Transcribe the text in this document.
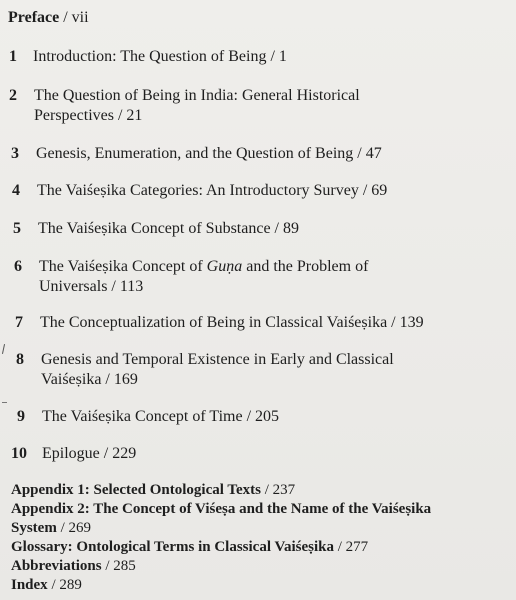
Preface / vii
1 Introduction: The Question of Being / 1
2 The Question of Being in India: General Historical
Perspectives / 21
3 Genesis, Enumeration, and the Question of Being / 47
4 The Vaiśeṣika Categories: An Introductory Survey / 69
5 The Vaiśeṣika Concept of Substance / 89
6 The Vaiśeṣika Concept of Guṇa and the Problem of
Universals / 113
7 The Conceptualization of Being in Classical Vaiśeṣika / 139
8 Genesis and Temporal Existence in Early and Classical
Vaiśeṣika / 169
9 The Vaiśeṣika Concept of Time / 205
10 Epilogue / 229
Appendix 1: Selected Ontological Texts / 237
Appendix 2: The Concept of Viśeṣa and the Name of the Vaiśeṣika
System / 269
Glossary: Ontological Terms in Classical Vaiśeṣika / 277
Abbreviations / 285
Index / 289
